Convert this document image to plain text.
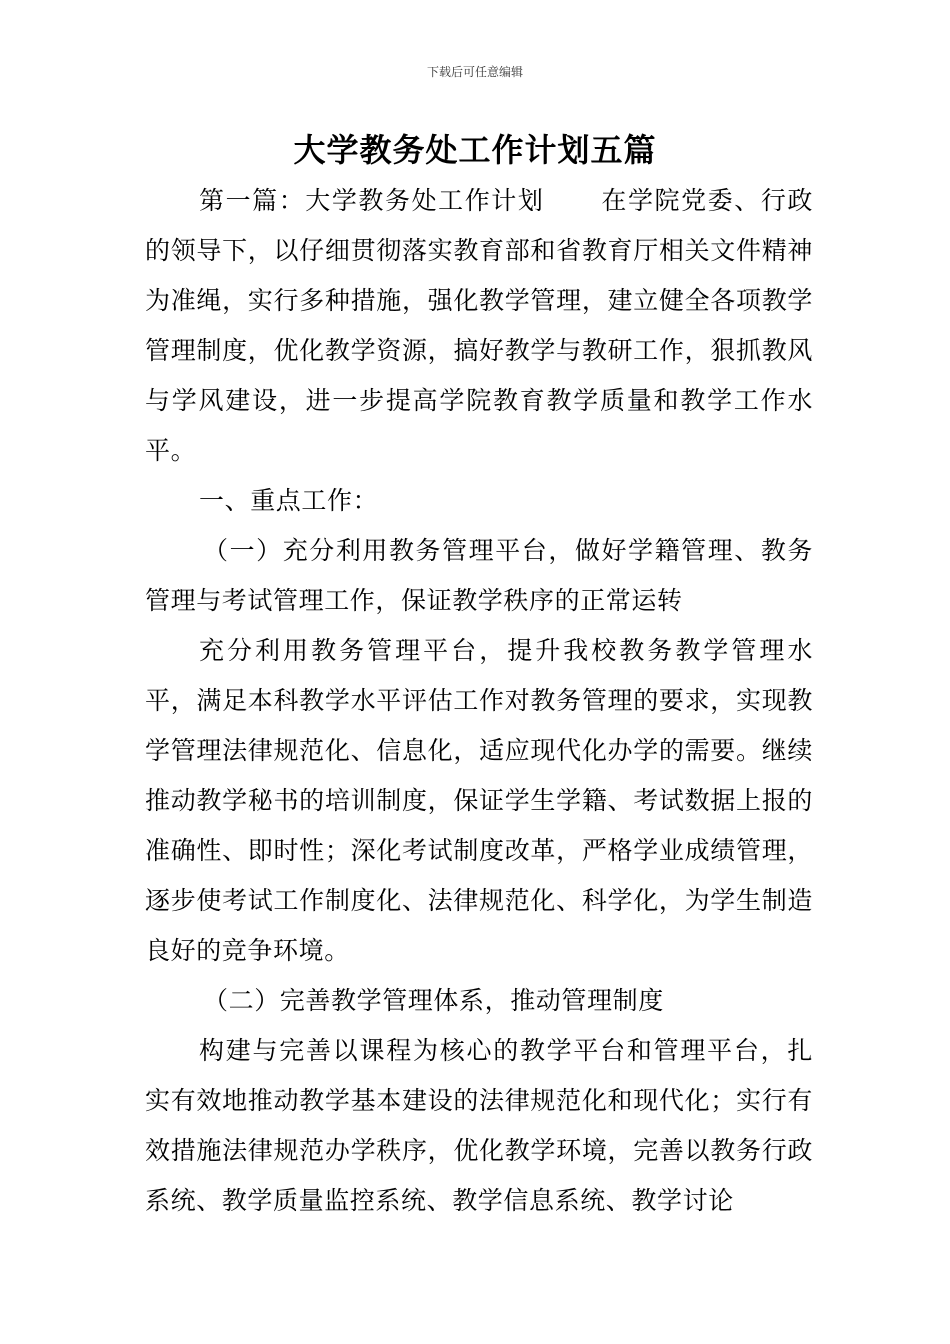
下载后可任意编辑
大学教务处工作计划五篇

第一篇：大学教务处工作计划 在学院党委、行政的领导下，以仔细贯彻落实教育部和省教育厅相关文件精神为准绳，实行多种措施，强化教学管理，建立健全各项教学管理制度，优化教学资源，搞好教学与教研工作，狠抓教风与学风建设，进一步提高学院教育教学质量和教学工作水平。

一、重点工作：

（一）充分利用教务管理平台，做好学籍管理、教务管理与考试管理工作，保证教学秩序的正常运转

充分利用教务管理平台，提升我校教务教学管理水平，满足本科教学水平评估工作对教务管理的要求，实现教学管理法律规范化、信息化，适应现代化办学的需要。继续推动教学秘书的培训制度，保证学生学籍、考试数据上报的准确性、即时性；深化考试制度改革，严格学业成绩管理，逐步使考试工作制度化、法律规范化、科学化，为学生制造良好的竞争环境。

（二）完善教学管理体系，推动管理制度

构建与完善以课程为核心的教学平台和管理平台，扎实有效地推动教学基本建设的法律规范化和现代化；实行有效措施法律规范办学秩序，优化教学环境，完善以教务行政系统、教学质量监控系统、教学信息系统、教学讨论
